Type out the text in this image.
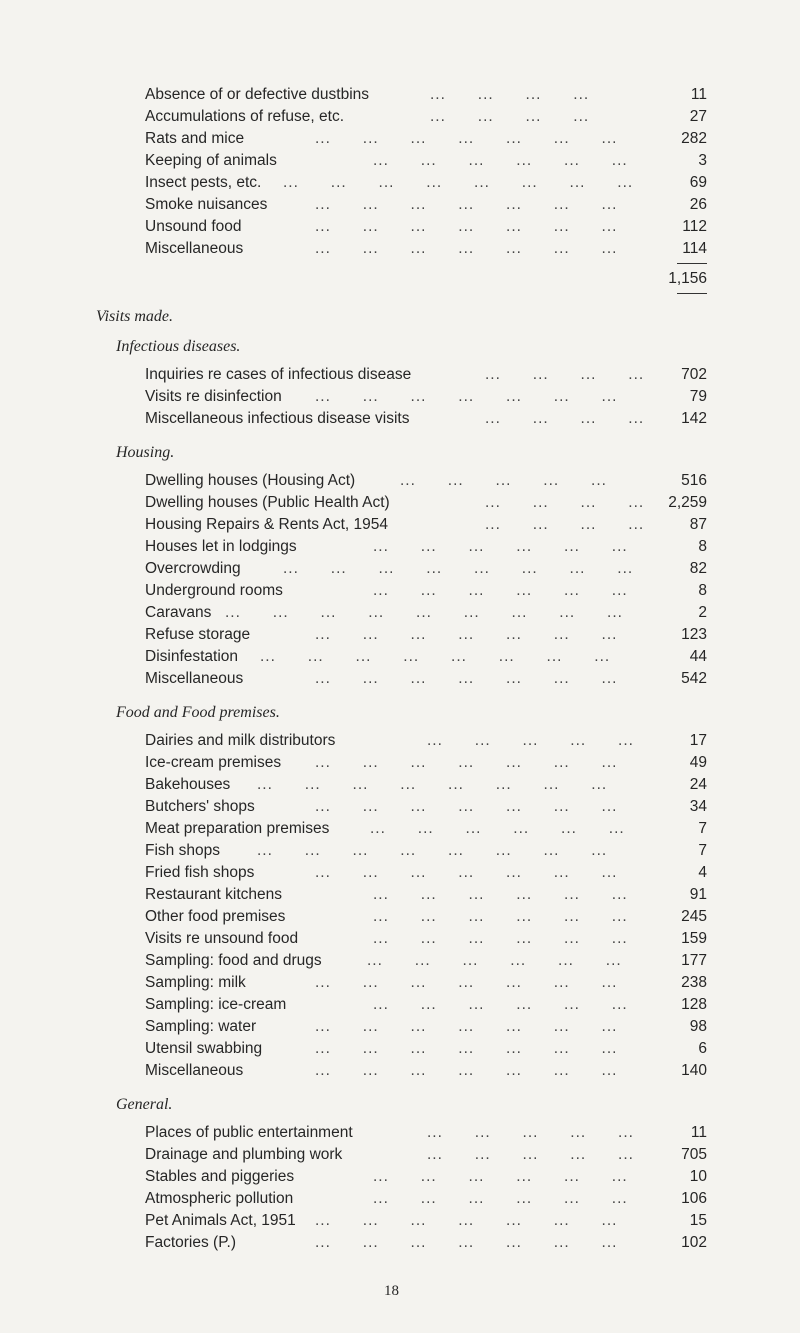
Absence of or defective dustbins	...      ...      ...      ...	11
Accumulations of refuse, etc.	...      ...      ...      ...	27
Rats and mice	...      ...      ...      ...      ...      ...      ...	282
Keeping of animals	...      ...      ...      ...      ...      ...	3
Insect pests, etc. ...      ...      ...      ...      ...      ...      ...      ...	69
Smoke nuisances	...      ...      ...      ...      ...      ...      ...	26
Unsound food	...      ...      ...      ...      ...      ...      ...	112
Miscellaneous	...      ...      ...      ...      ...      ...      ...	114
1,156
Visits made.
Infectious diseases.
Inquiries re cases of infectious disease	...      ...      ...      ... 702
Visits re disinfection ...      ...      ...      ...      ...      ...      ...	79
Miscellaneous infectious disease visits	...      ...      ...      ... 142
Housing.
Dwelling houses (Housing Act)	...      ...      ...      ...      ...	516
Dwelling houses (Public Health Act)	...      ...      ...      ... 2,259
Housing Repairs & Rents Act, 1954	...      ...      ...      ...	87
Houses let in lodgings	...      ...      ...      ...      ...      ...	8
Overcrowding	...      ...      ...      ...      ...      ...      ...      ...	82
Underground rooms	...      ...      ...      ...      ...      ...	8
Caravans ...      ...      ...      ...      ...      ...      ...      ...      ...	2
Refuse storage	...      ...      ...      ...      ...      ...      ...	123
Disinfestation ...      ...      ...      ...      ...      ...      ...      ...	44
Miscellaneous	...      ...      ...      ...      ...      ...      ...	542
Food and Food premises.
Dairies and milk distributors	...      ...      ...      ...      ...	17
Ice-cream premises ...      ...      ...      ...      ...      ...      ...	49
Bakehouses ...      ...      ...      ...      ...      ...      ...      ...	24
Butchers' shops	...      ...      ...      ...      ...      ...      ...	34
Meat preparation premises	...      ...      ...      ...      ...      ...	7
Fish shops ...      ...      ...      ...      ...      ...      ...      ...	7
Fried fish shops	...      ...      ...      ...      ...      ...      ...	4
Restaurant kitchens	...      ...      ...      ...      ...      ...	91
Other food premises	...      ...      ...      ...      ...      ...	245
Visits re unsound food	...      ...      ...      ...      ...      ...	159
Sampling: food and drugs	...      ...      ...      ...      ...      ...	177
Sampling: milk	...      ...      ...      ...      ...      ...      ...	238
Sampling: ice-cream	...      ...      ...      ...      ...      ...	128
Sampling: water	...      ...      ...      ...      ...      ...      ...	98
Utensil swabbing	...      ...      ...      ...      ...      ...      ...	6
Miscellaneous	...      ...      ...      ...      ...      ...      ...	140
General.
Places of public entertainment	...      ...      ...      ...      ...	11
Drainage and plumbing work	...      ...      ...      ...      ...	705
Stables and piggeries	...      ...      ...      ...      ...      ...	10
Atmospheric pollution	...      ...      ...      ...      ...      ...	106
Pet Animals Act, 1951 ...      ...      ...      ...      ...      ...      ...	15
Factories (P.)	...      ...      ...      ...      ...      ...      ...	102
18
